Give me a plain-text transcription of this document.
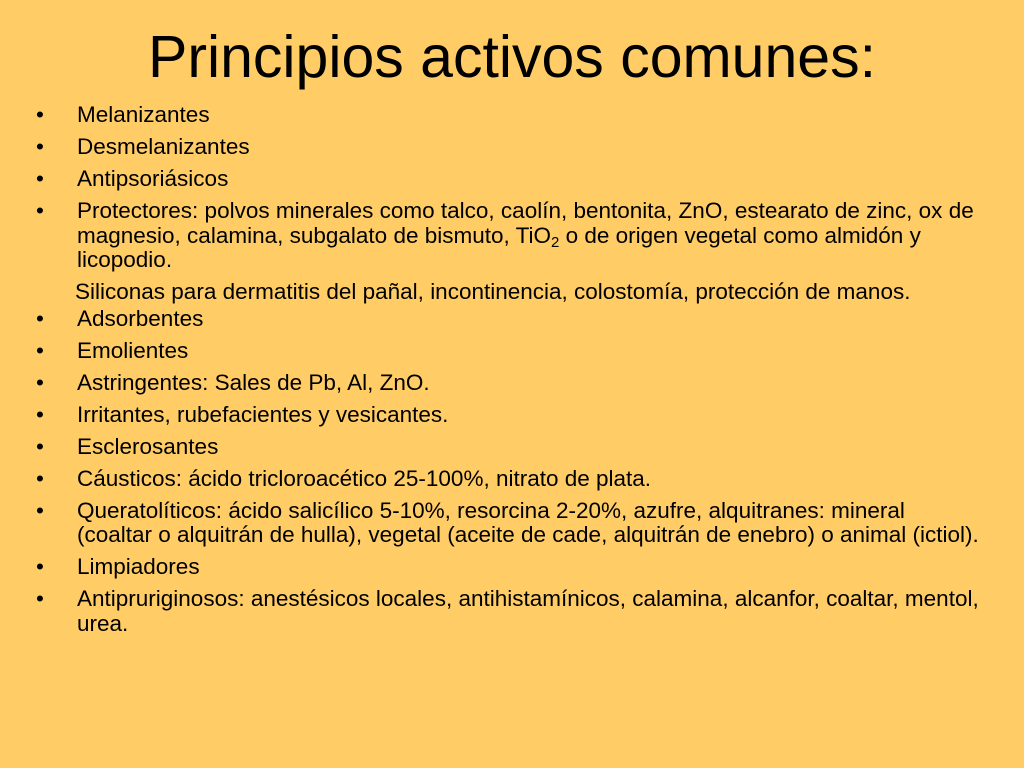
Principios activos comunes:
•	Melanizantes
•	Desmelanizantes
•	Antipsoriásicos
•	Protectores: polvos minerales como talco, caolín, bentonita, ZnO, estearato de zinc, ox de magnesio, calamina, subgalato de bismuto, TiO$_2$ o de origen vegetal como almidón y licopodio.
Siliconas para dermatitis del pañal, incontinencia, colostomía, protección de manos.
•	Adsorbentes
•	Emolientes
•	Astringentes: Sales de Pb, Al, ZnO.
•	Irritantes, rubefacientes y vesicantes.
•	Esclerosantes
•	Cáusticos: ácido tricloroacético 25-100%, nitrato de plata.
•	Queratolíticos: ácido salicílico 5-10%, resorcina 2-20%, azufre, alquitranes: mineral (coaltar o alquitrán de hulla), vegetal (aceite de cade, alquitrán de enebro) o animal (ictiol).
•	Limpiadores
•	Antipruriginosos: anestésicos locales, antihistamínicos, calamina, alcanfor, coaltar, mentol, urea.
